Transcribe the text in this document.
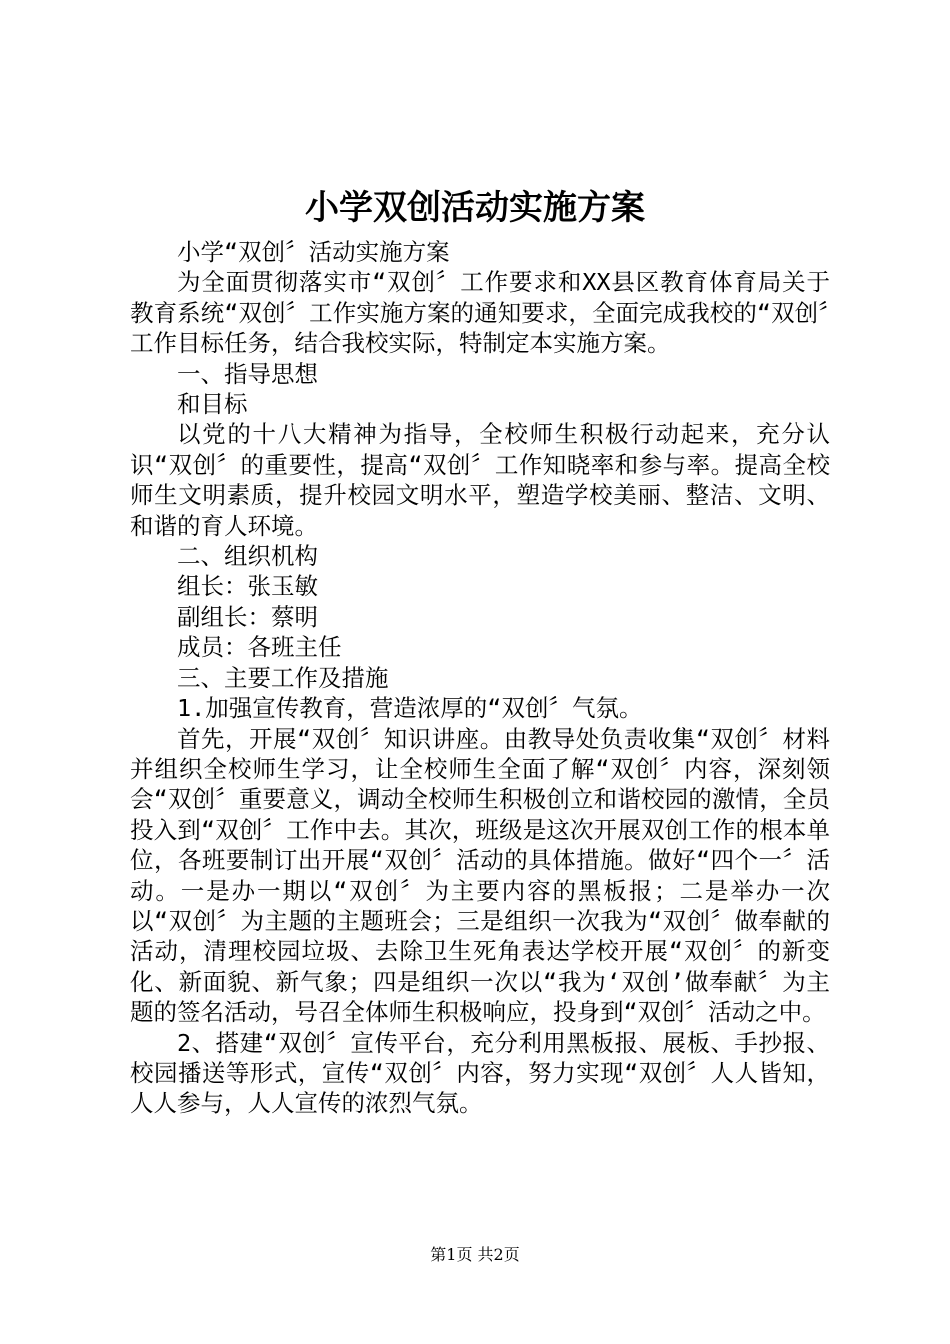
小学双创活动实施方案

小学“双创〞活动实施方案

为全面贯彻落实市“双创〞工作要求和XX县区教育体育局关于教育系统“双创〞工作实施方案的通知要求，全面完成我校的“双创〞工作目标任务，结合我校实际，特制定本实施方案。

一、指导思想

和目标

以党的十八大精神为指导，全校师生积极行动起来，充分认识“双创〞的重要性，提高“双创〞工作知晓率和参与率。提高全校师生文明素质，提升校园文明水平，塑造学校美丽、整洁、文明、和谐的育人环境。

二、组织机构

组长：张玉敏

副组长：蔡明

成员：各班主任

三、主要工作及措施

1.加强宣传教育，营造浓厚的“双创〞气氛。

首先，开展“双创〞知识讲座。由教导处负责收集“双创〞材料并组织全校师生学习，让全校师生全面了解“双创〞内容，深刻领会“双创〞重要意义，调动全校师生积极创立和谐校园的激情，全员投入到“双创〞工作中去。其次，班级是这次开展双创工作的根本单位，各班要制订出开展“双创〞活动的具体措施。做好“四个一〞活动。一是办一期以“双创〞为主要内容的黑板报；二是举办一次以“双创〞为主题的主题班会；三是组织一次我为“双创〞做奉献的活动，清理校园垃圾、去除卫生死角表达学校开展“双创〞的新变化、新面貌、新气象；四是组织一次以“我为‘双创’做奉献〞为主题的签名活动，号召全体师生积极响应，投身到“双创〞活动之中。

2、搭建“双创〞宣传平台，充分利用黑板报、展板、手抄报、校园播送等形式，宣传“双创〞内容，努力实现“双创〞人人皆知，人人参与，人人宣传的浓烈气氛。

第1页 共2页
